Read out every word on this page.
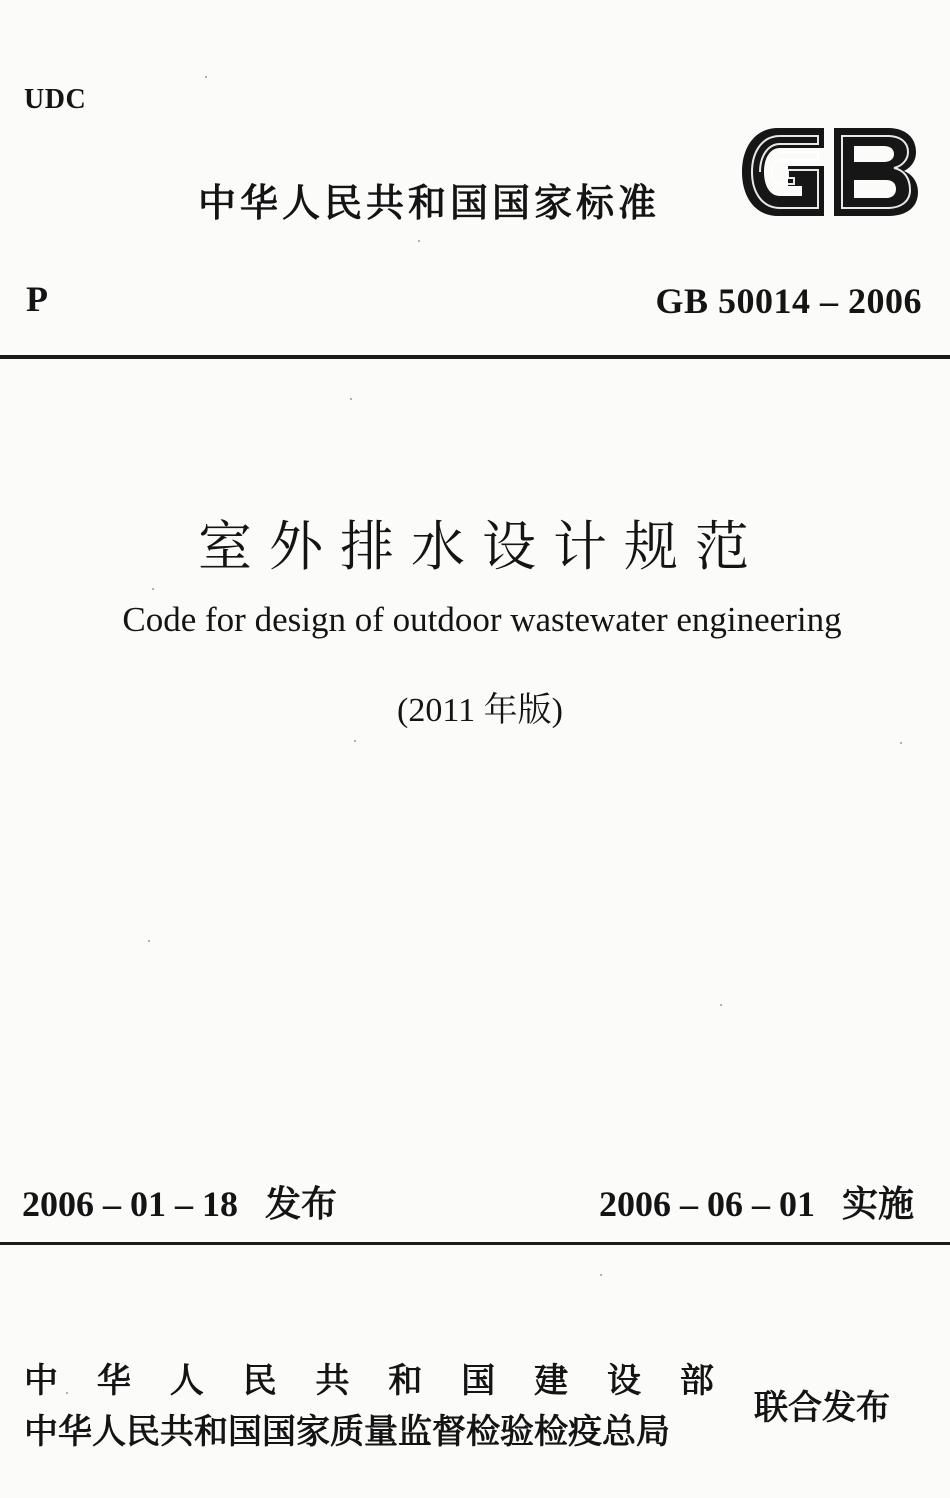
UDC
中华人民共和国国家标准
P	GB 50014 – 2006
室外排水设计规范
Code for design of outdoor wastewater engineering
(2011 年版)
2006 – 01 – 18 发布	2006 – 06 – 01 实施
中 华 人 民 共 和 国 建 设 部
中华人民共和国国家质量监督检验检疫总局
联合发布
